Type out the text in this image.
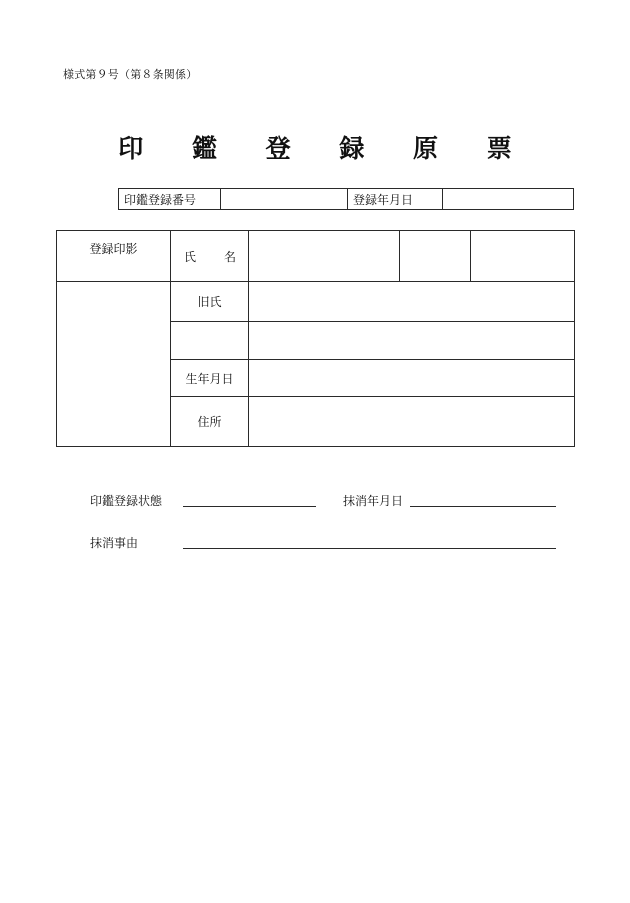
様式第９号（第８条関係）
印 鑑 登 録 原 票
印鑑登録番号		登録年月日	
登録印影	氏 名			
	旧氏			

	生年月日			
	住所			
印鑑登録状態	抹消年月日
抹消事由
